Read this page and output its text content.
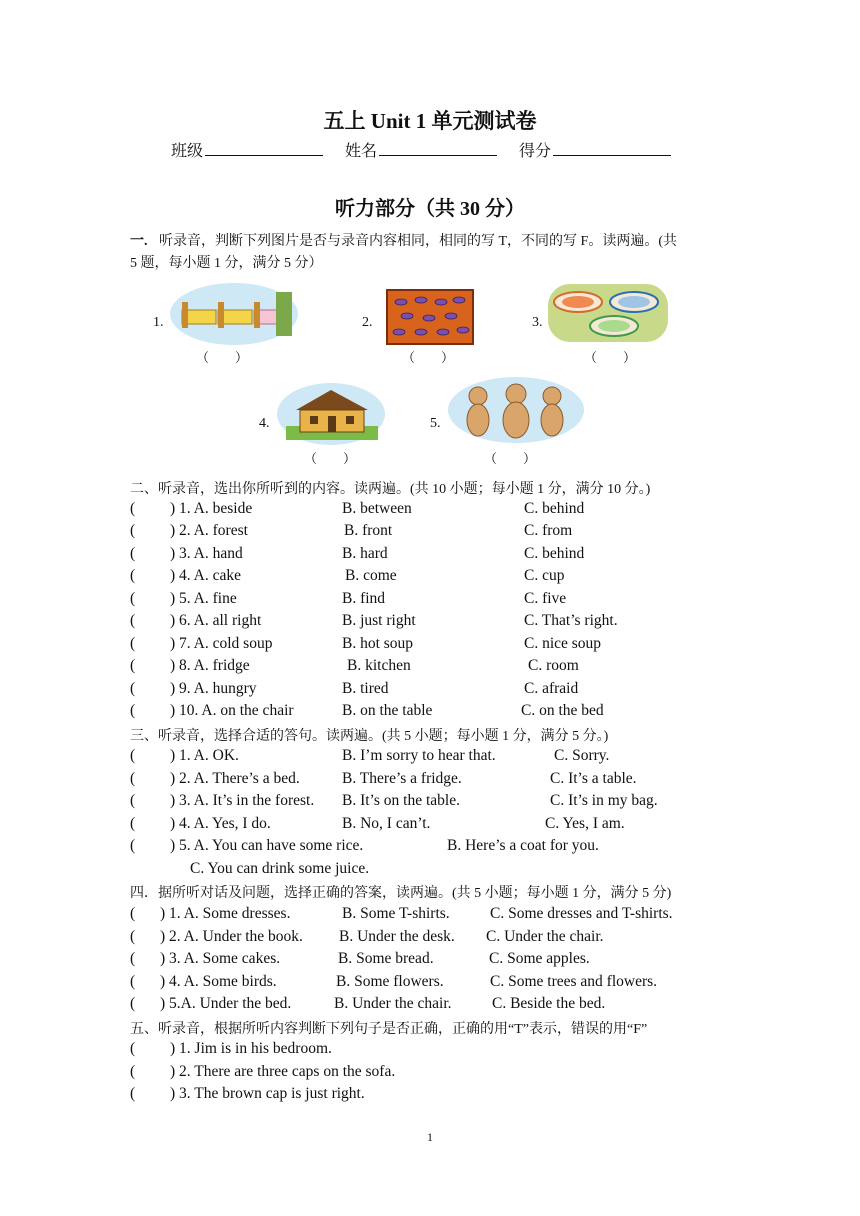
五上 Unit 1 单元测试卷
班级	姓名	得分
听力部分（共 30 分）
一. 听录音，判断下列图片是否与录音内容相同，相同的写 T，不同的写 F。读两遍。(共
5 题，每小题 1 分，满分 5 分）
1.
（　　）
2.
（　　）
3.
（　　）
4.
（　　）
5.
（　　）
二、听录音，选出你所听到的内容。读两遍。(共 10 小题；每小题 1 分，满分 10 分。)
( ) 1. A. beside	B. between	C. behind
( ) 2. A. forest	B. front	C. from
( ) 3. A. hand	B. hard	C. behind
( ) 4. A. cake	B. come	C. cup
( ) 5. A. fine	B. find	C. five
( ) 6. A. all right	B. just right	C. That’s right.
( ) 7. A. cold soup	B. hot soup	C. nice soup
( ) 8. A. fridge	B. kitchen	C. room
( ) 9. A. hungry	B. tired	C. afraid
( ) 10. A. on the chair	B. on the table	C. on the bed
三、听录音，选择合适的答句。读两遍。(共 5 小题；每小题 1 分，满分 5 分。)
( ) 1. A. OK.	B. I’m sorry to hear that.	C. Sorry.
( ) 2. A. There’s a bed.	B. There’s a fridge.	C. It’s a table.
( ) 3. A. It’s in the forest. B. It’s on the table.	C. It’s in my bag.
( ) 4. A. Yes, I do.	B. No, I can’t.	C. Yes, I am.
( ) 5. A. You can have some rice.	B. Here’s a coat for you.
C. You can drink some juice.
四．据所听对话及问题，选择正确的答案，读两遍。(共 5 小题；每小题 1 分，满分 5 分)
( ) 1. A. Some dresses.	B. Some T-shirts.	C. Some dresses and T-shirts.
( ) 2. A. Under the book. B. Under the desk. C. Under the chair.
( ) 3. A. Some cakes.	B. Some bread.	C. Some apples.
( ) 4. A. Some birds.	B. Some flowers.	C. Some trees and flowers.
( ) 5.A. Under the bed.	B. Under the chair.	C. Beside the bed.
五、听录音，根据所听内容判断下列句子是否正确，正确的用“T”表示，错误的用“F”
( ) 1. Jim is in his bedroom.
( ) 2. There are three caps on the sofa.
( ) 3. The brown cap is just right.
1
